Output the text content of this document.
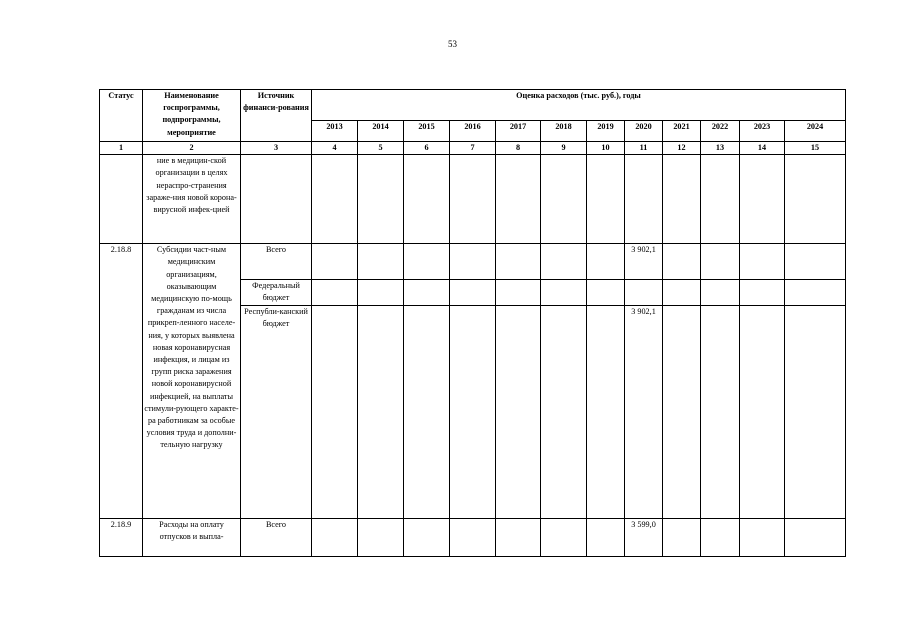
53
Статус	Наименование госпрограммы, подпрограммы, мероприятие	Источник финанси-рования	Оценка расходов (тыс. руб.), годы											
			2013	2014	2015	2016	2017	2018	2019	2020	2021	2022	2023	2024
1	2	3	4	5	6	7	8	9	10	11	12	13	14	15
	ние в медицин-ской организации в целях нераспро-странения зараже-ния новой корона-вирусной инфек-цией													
2.18.8	Субсидии част-ным медицинским организациям, оказывающим медицинскую по-мощь гражданам из числа прикреп-ленного населе-ния, у которых выявлена новая коронавирусная инфекция, и лицам из групп риска заражения новой коронавирусной инфекцией, на выплаты стимули-рующего характе-ра работникам за особые условия труда и дополни-тельную нагрузку	Всего								3 902,1				
		Федеральный бюджет												
		Республи-канский бюджет								3 902,1				
2.18.9	Расходы на оплату отпусков и выпла-	Всего								3 599,0				
